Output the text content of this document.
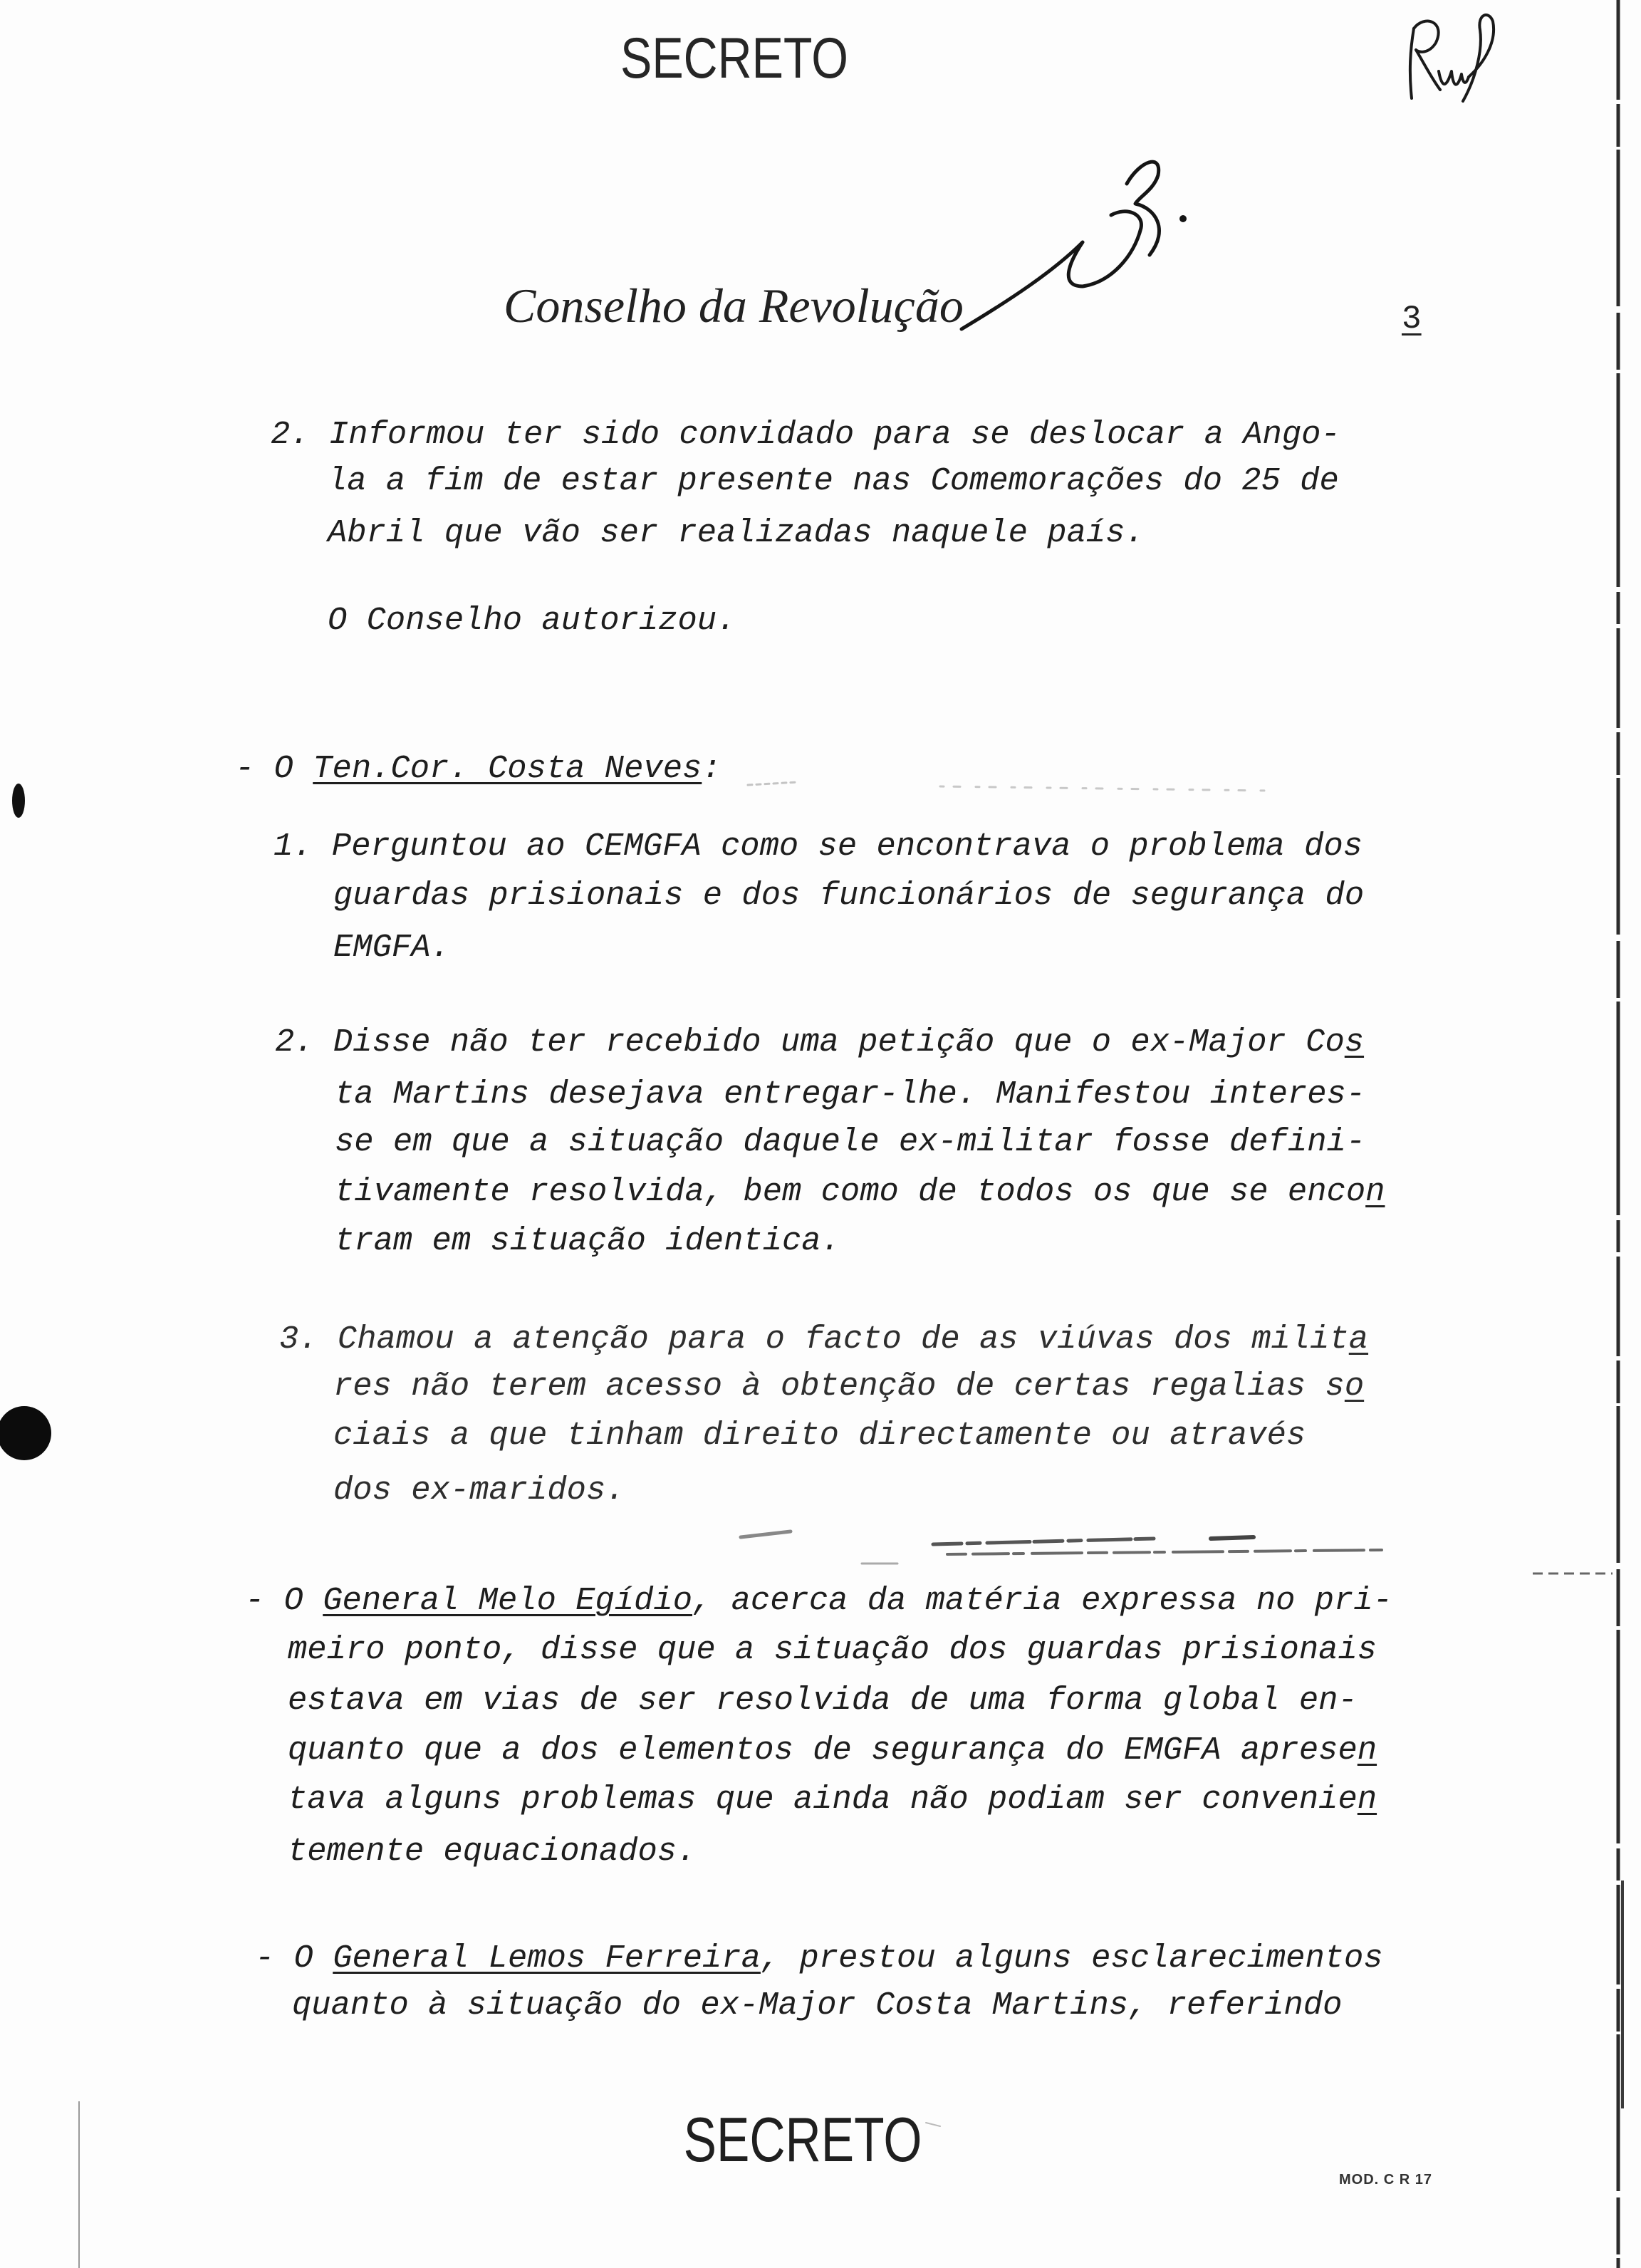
SECRETO
Conselho da Revolução	3
2. Informou ter sido convidado para se deslocar a Ango-
la a fim de estar presente nas Comemorações do 25 de
Abril que vão ser realizadas naquele país.
O Conselho autorizou.
- O Ten.Cor. Costa Neves:
1. Perguntou ao CEMGFA como se encontrava o problema dos
guardas prisionais e dos funcionários de segurança do
EMGFA.
2. Disse não ter recebido uma petição que o ex-Major Cos
ta Martins desejava entregar-lhe. Manifestou interes-
se em que a situação daquele ex-militar fosse defini-
tivamente resolvida, bem como de todos os que se encon
tram em situação identica.
3. Chamou a atenção para o facto de as viúvas dos milita
res não terem acesso à obtenção de certas regalias so
ciais a que tinham direito directamente ou através
dos ex-maridos.
- O General Melo Egídio, acerca da matéria expressa no pri-
meiro ponto, disse que a situação dos guardas prisionais
estava em vias de ser resolvida de uma forma global en-
quanto que a dos elementos de segurança do EMGFA apresen
tava alguns problemas que ainda não podiam ser convenien
temente equacionados.
- O General Lemos Ferreira, prestou alguns esclarecimentos
quanto à situação do ex-Major Costa Martins, referindo
SECRETO
MOD. C R 17
